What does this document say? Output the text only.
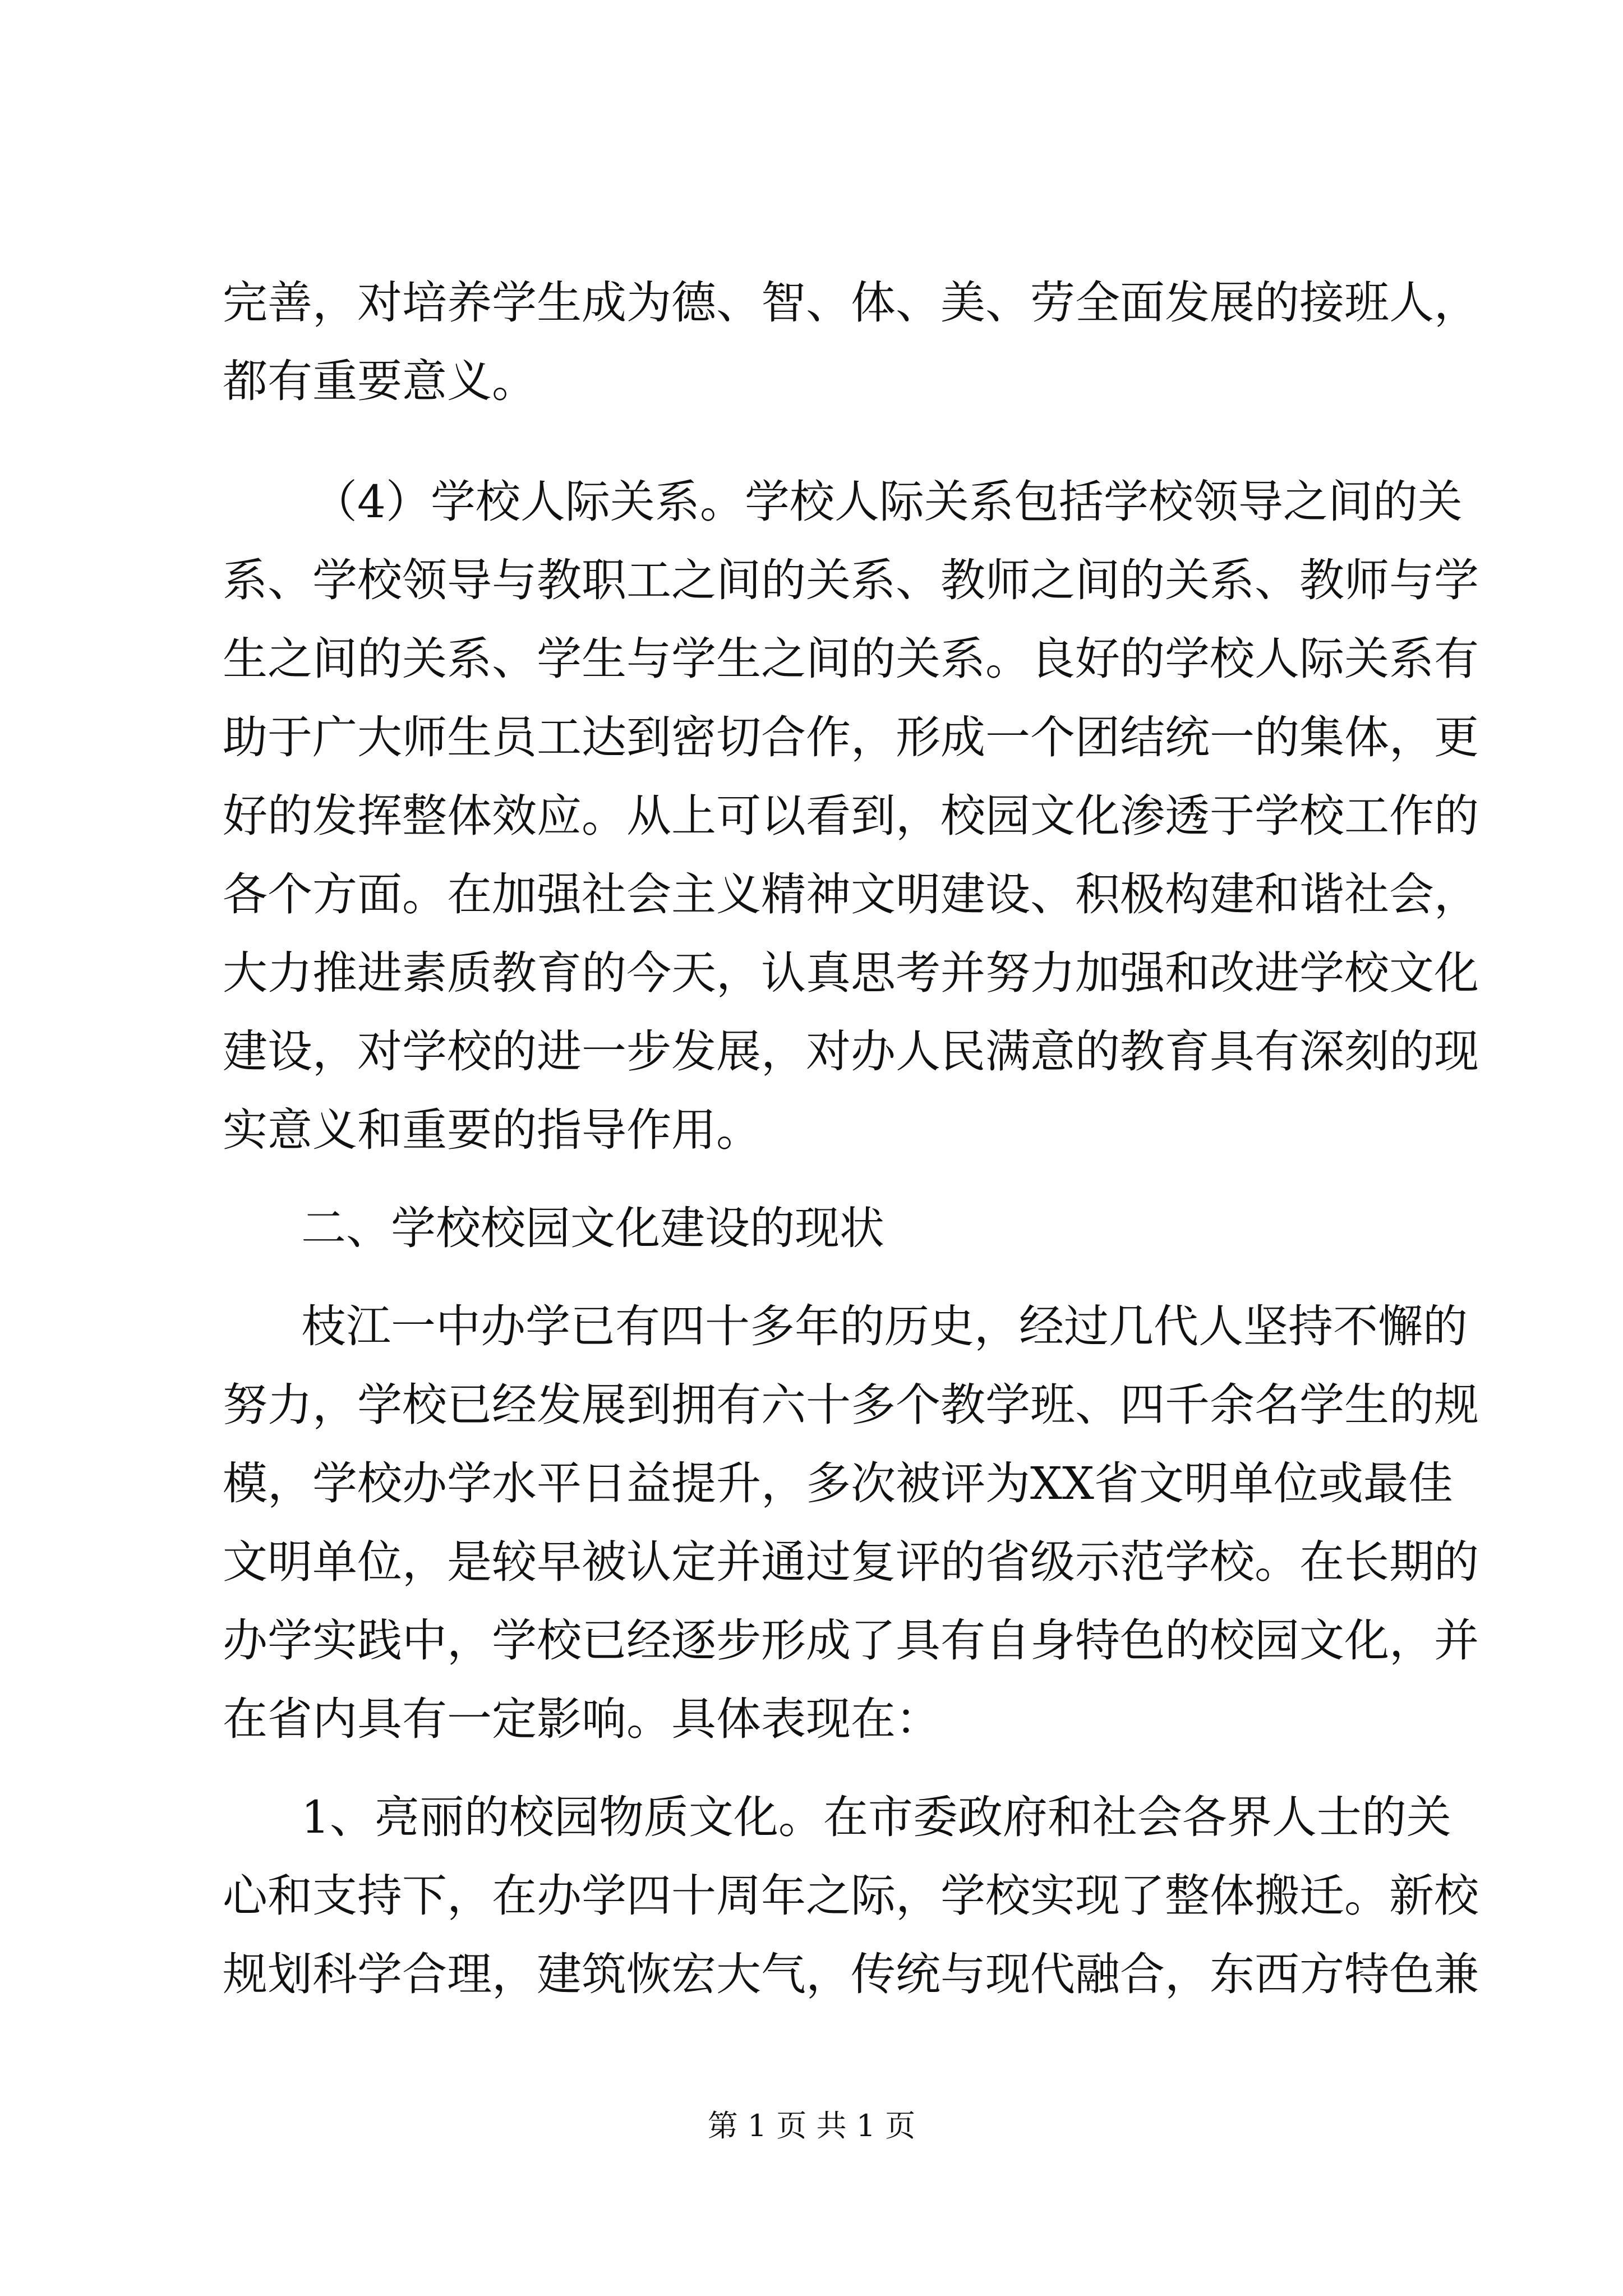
完善，对培养学生成为德、智、体、美、劳全面发展的接班人，
都有重要意义。
（4）学校人际关系。学校人际关系包括学校领导之间的关
系、学校领导与教职工之间的关系、教师之间的关系、教师与学
生之间的关系、学生与学生之间的关系。良好的学校人际关系有
助于广大师生员工达到密切合作，形成一个团结统一的集体，更
好的发挥整体效应。从上可以看到，校园文化渗透于学校工作的
各个方面。在加强社会主义精神文明建设、积极构建和谐社会，
大力推进素质教育的今天，认真思考并努力加强和改进学校文化
建设，对学校的进一步发展，对办人民满意的教育具有深刻的现
实意义和重要的指导作用。
二、学校校园文化建设的现状
枝江一中办学已有四十多年的历史，经过几代人坚持不懈的
努力，学校已经发展到拥有六十多个教学班、四千余名学生的规
模，学校办学水平日益提升，多次被评为XX省文明单位或最佳
文明单位，是较早被认定并通过复评的省级示范学校。在长期的
办学实践中，学校已经逐步形成了具有自身特色的校园文化，并
在省内具有一定影响。具体表现在：
1、亮丽的校园物质文化。在市委政府和社会各界人士的关
心和支持下，在办学四十周年之际，学校实现了整体搬迁。新校
规划科学合理，建筑恢宏大气，传统与现代融合，东西方特色兼
第 1 页 共 1 页
